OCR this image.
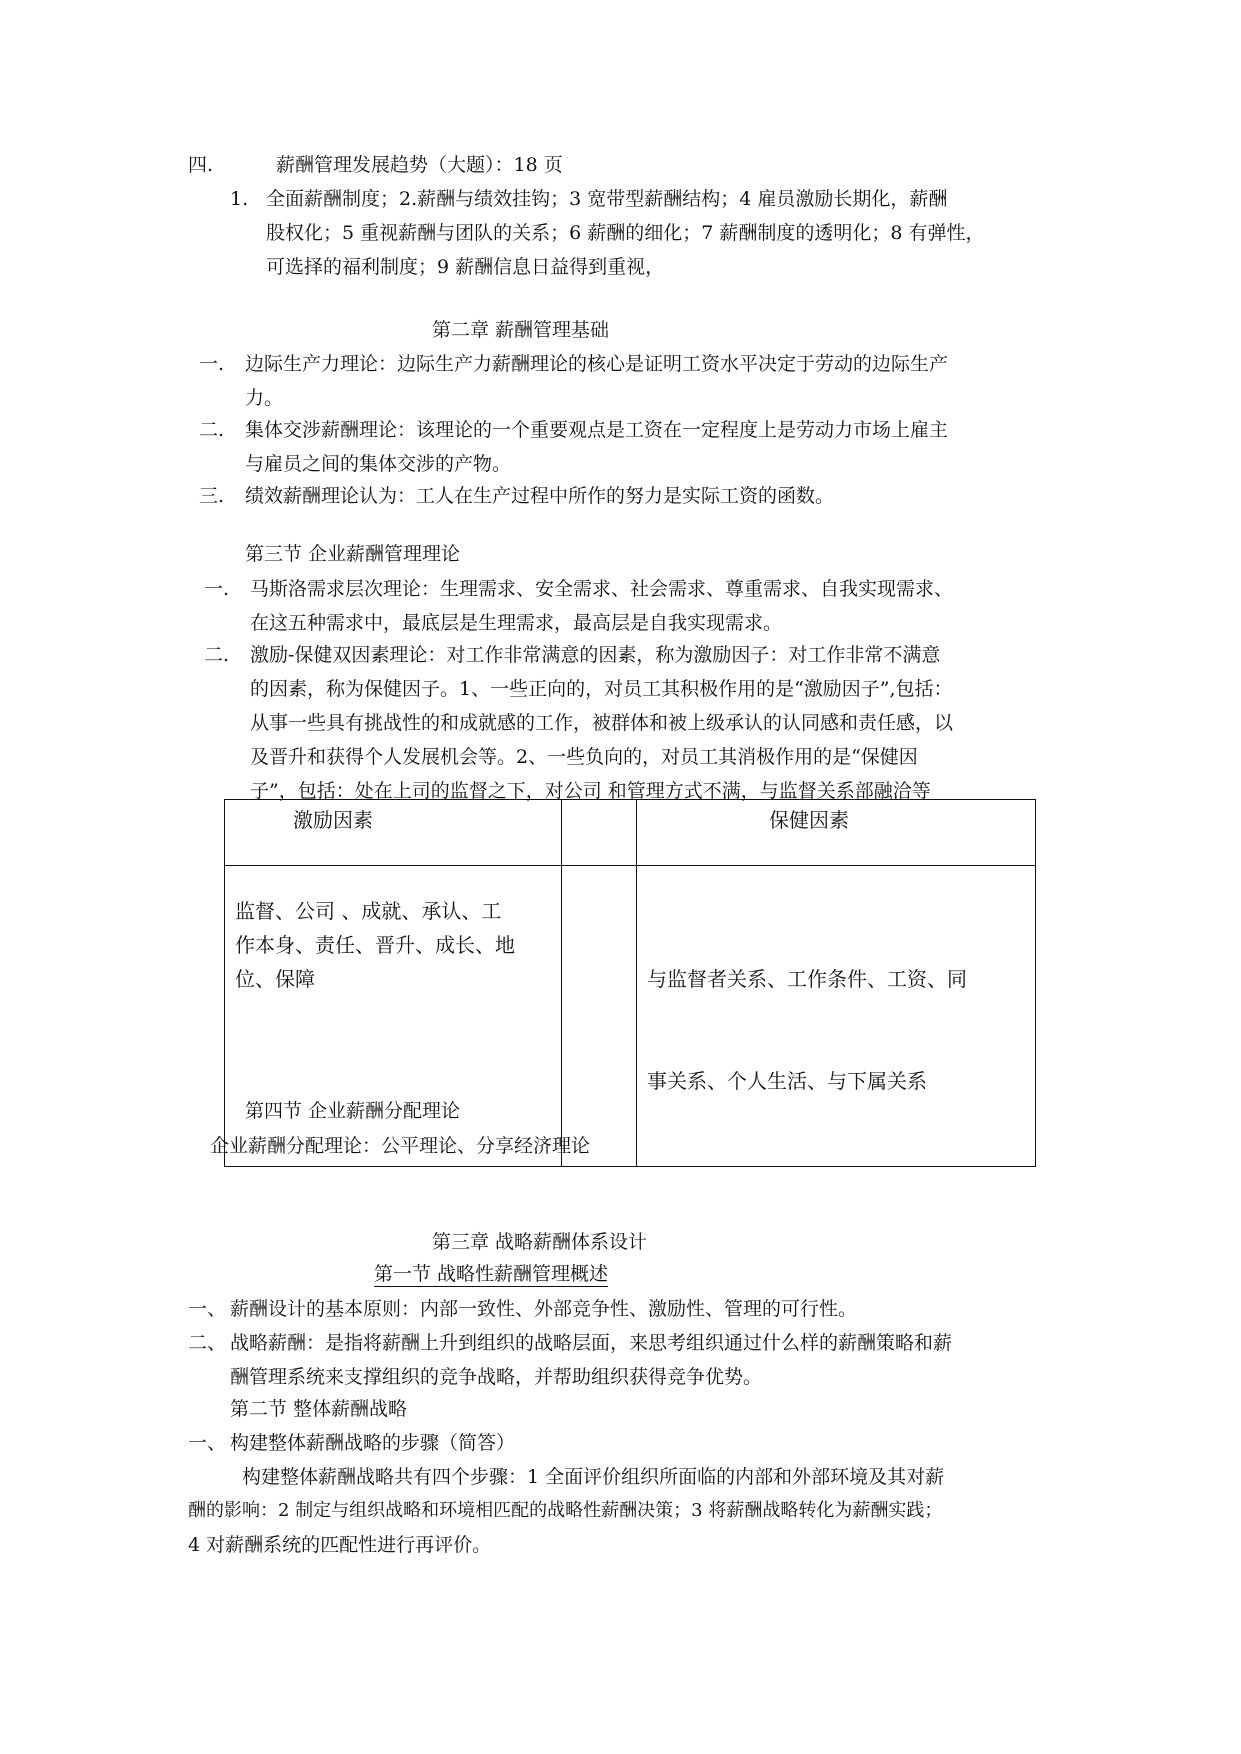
四.	薪酬管理发展趋势（大题）：18 页
1. 全面薪酬制度；2.薪酬与绩效挂钩；3 宽带型薪酬结构；4 雇员激励长期化，薪酬
股权化；5 重视薪酬与团队的关系；6 薪酬的细化；7 薪酬制度的透明化；8 有弹性，
可选择的福利制度；9 薪酬信息日益得到重视，
第二章 薪酬管理基础
一. 边际生产力理论：边际生产力薪酬理论的核心是证明工资水平决定于劳动的边际生产
力。
二. 集体交涉薪酬理论：该理论的一个重要观点是工资在一定程度上是劳动力市场上雇主
与雇员之间的集体交涉的产物。
三. 绩效薪酬理论认为：工人在生产过程中所作的努力是实际工资的函数。
第三节 企业薪酬管理理论
一. 马斯洛需求层次理论：生理需求、安全需求、社会需求、尊重需求、自我实现需求、
在这五种需求中，最底层是生理需求，最高层是自我实现需求。
二. 激励-保健双因素理论：对工作非常满意的因素，称为激励因子：对工作非常不满意
的因素，称为保健因子。1、一些正向的，对员工其积极作用的是“激励因子”,包括：
从事一些具有挑战性的和成就感的工作，被群体和被上级承认的认同感和责任感，以
及晋升和获得个人发展机会等。2、一些负向的，对员工其消极作用的是“保健因
子”，包括：处在上司的监督之下，对公司 和管理方式不满，与监督关系部融洽等
激励因素		保健因素

监督、公司 、成就、承认、工
作本身、责任、晋升、成长、地
位、保障		与监督者关系、工作条件、工资、同

事关系、个人生活、与下属关系

第四节 企业薪酬分配理论
企业薪酬分配理论：公平理论、分享经济理论
第三章 战略薪酬体系设计
第一节 战略性薪酬管理概述
一、 薪酬设计的基本原则：内部一致性、外部竞争性、激励性、管理的可行性。
二、 战略薪酬：是指将薪酬上升到组织的战略层面，来思考组织通过什么样的薪酬策略和薪
酬管理系统来支撑组织的竞争战略，并帮助组织获得竞争优势。
第二节 整体薪酬战略
一、 构建整体薪酬战略的步骤（简答）
构建整体薪酬战略共有四个步骤：1 全面评价组织所面临的内部和外部环境及其对薪
酬的影响：2 制定与组织战略和环境相匹配的战略性薪酬决策；3 将薪酬战略转化为薪酬实践；
4 对薪酬系统的匹配性进行再评价。
